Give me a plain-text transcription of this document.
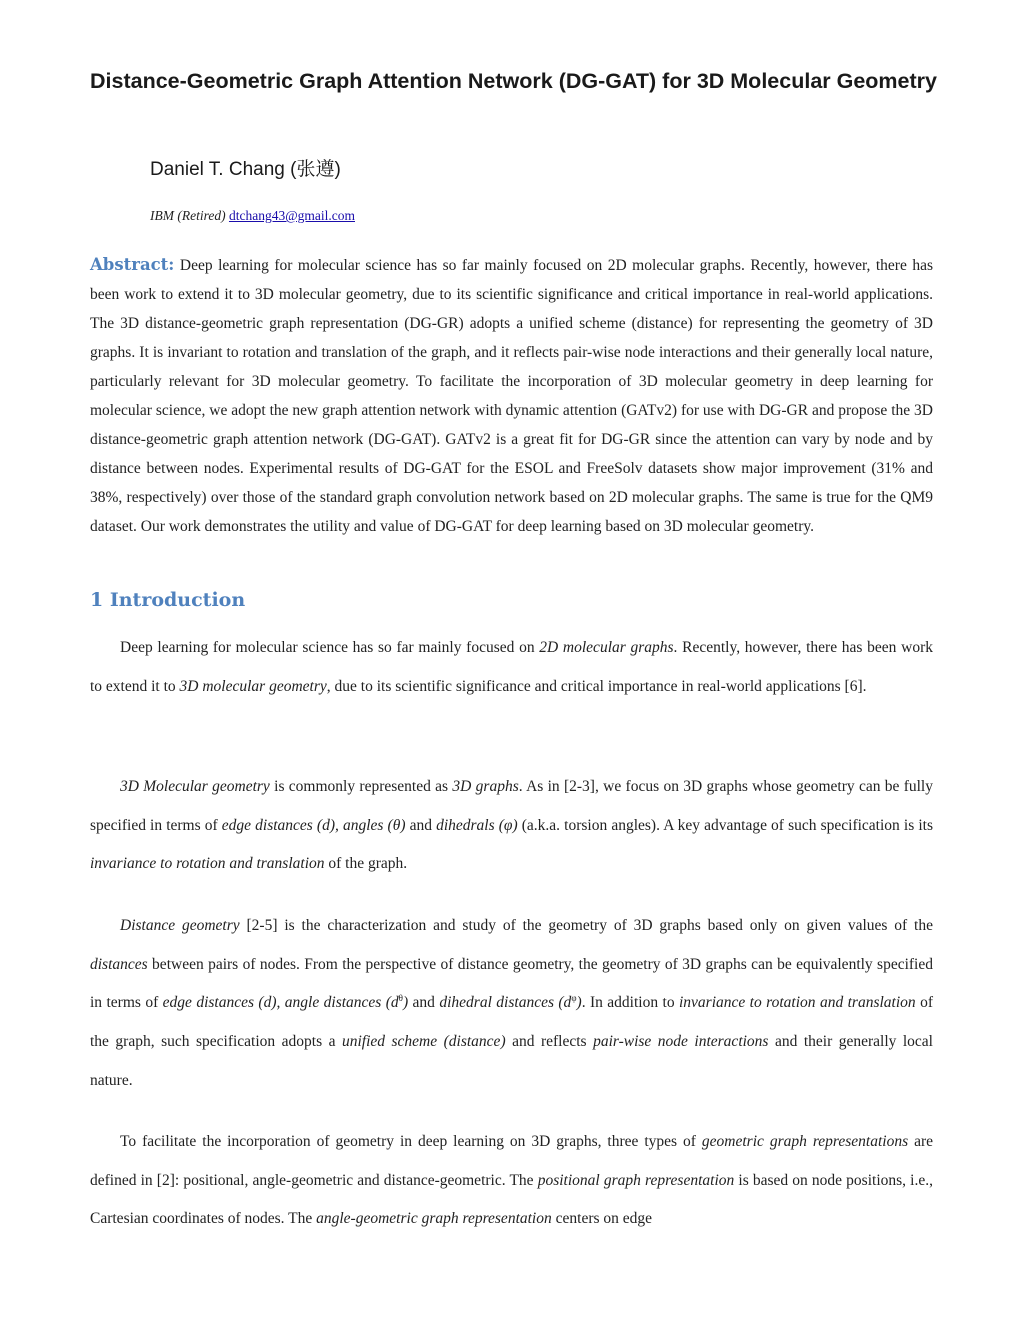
Distance-Geometric Graph Attention Network (DG-GAT) for 3D Molecular Geometry

Daniel T. Chang (张遵)

IBM (Retired) dtchang43@gmail.com

Abstract: Deep learning for molecular science has so far mainly focused on 2D molecular graphs. Recently, however, there has been work to extend it to 3D molecular geometry, due to its scientific significance and critical importance in real-world applications. The 3D distance-geometric graph representation (DG-GR) adopts a unified scheme (distance) for representing the geometry of 3D graphs. It is invariant to rotation and translation of the graph, and it reflects pair-wise node interactions and their generally local nature, particularly relevant for 3D molecular geometry. To facilitate the incorporation of 3D molecular geometry in deep learning for molecular science, we adopt the new graph attention network with dynamic attention (GATv2) for use with DG-GR and propose the 3D distance-geometric graph attention network (DG-GAT). GATv2 is a great fit for DG-GR since the attention can vary by node and by distance between nodes. Experimental results of DG-GAT for the ESOL and FreeSolv datasets show major improvement (31% and 38%, respectively) over those of the standard graph convolution network based on 2D molecular graphs. The same is true for the QM9 dataset. Our work demonstrates the utility and value of DG-GAT for deep learning based on 3D molecular geometry.

1 Introduction

Deep learning for molecular science has so far mainly focused on 2D molecular graphs. Recently, however, there has been work to extend it to 3D molecular geometry, due to its scientific significance and critical importance in real-world applications [6].

3D Molecular geometry is commonly represented as 3D graphs. As in [2-3], we focus on 3D graphs whose geometry can be fully specified in terms of edge distances (d), angles (θ) and dihedrals (φ) (a.k.a. torsion angles). A key advantage of such specification is its invariance to rotation and translation of the graph.

Distance geometry [2-5] is the characterization and study of the geometry of 3D graphs based only on given values of the distances between pairs of nodes. From the perspective of distance geometry, the geometry of 3D graphs can be equivalently specified in terms of edge distances (d), angle distances $(d^\theta)$ and dihedral distances $(d^\varphi)$. In addition to invariance to rotation and translation of the graph, such specification adopts a unified scheme (distance) and reflects pair-wise node interactions and their generally local nature.

To facilitate the incorporation of geometry in deep learning on 3D graphs, three types of geometric graph representations are defined in [2]: positional, angle-geometric and distance-geometric. The positional graph representation is based on node positions, i.e., Cartesian coordinates of nodes. The angle-geometric graph representation centers on edge
